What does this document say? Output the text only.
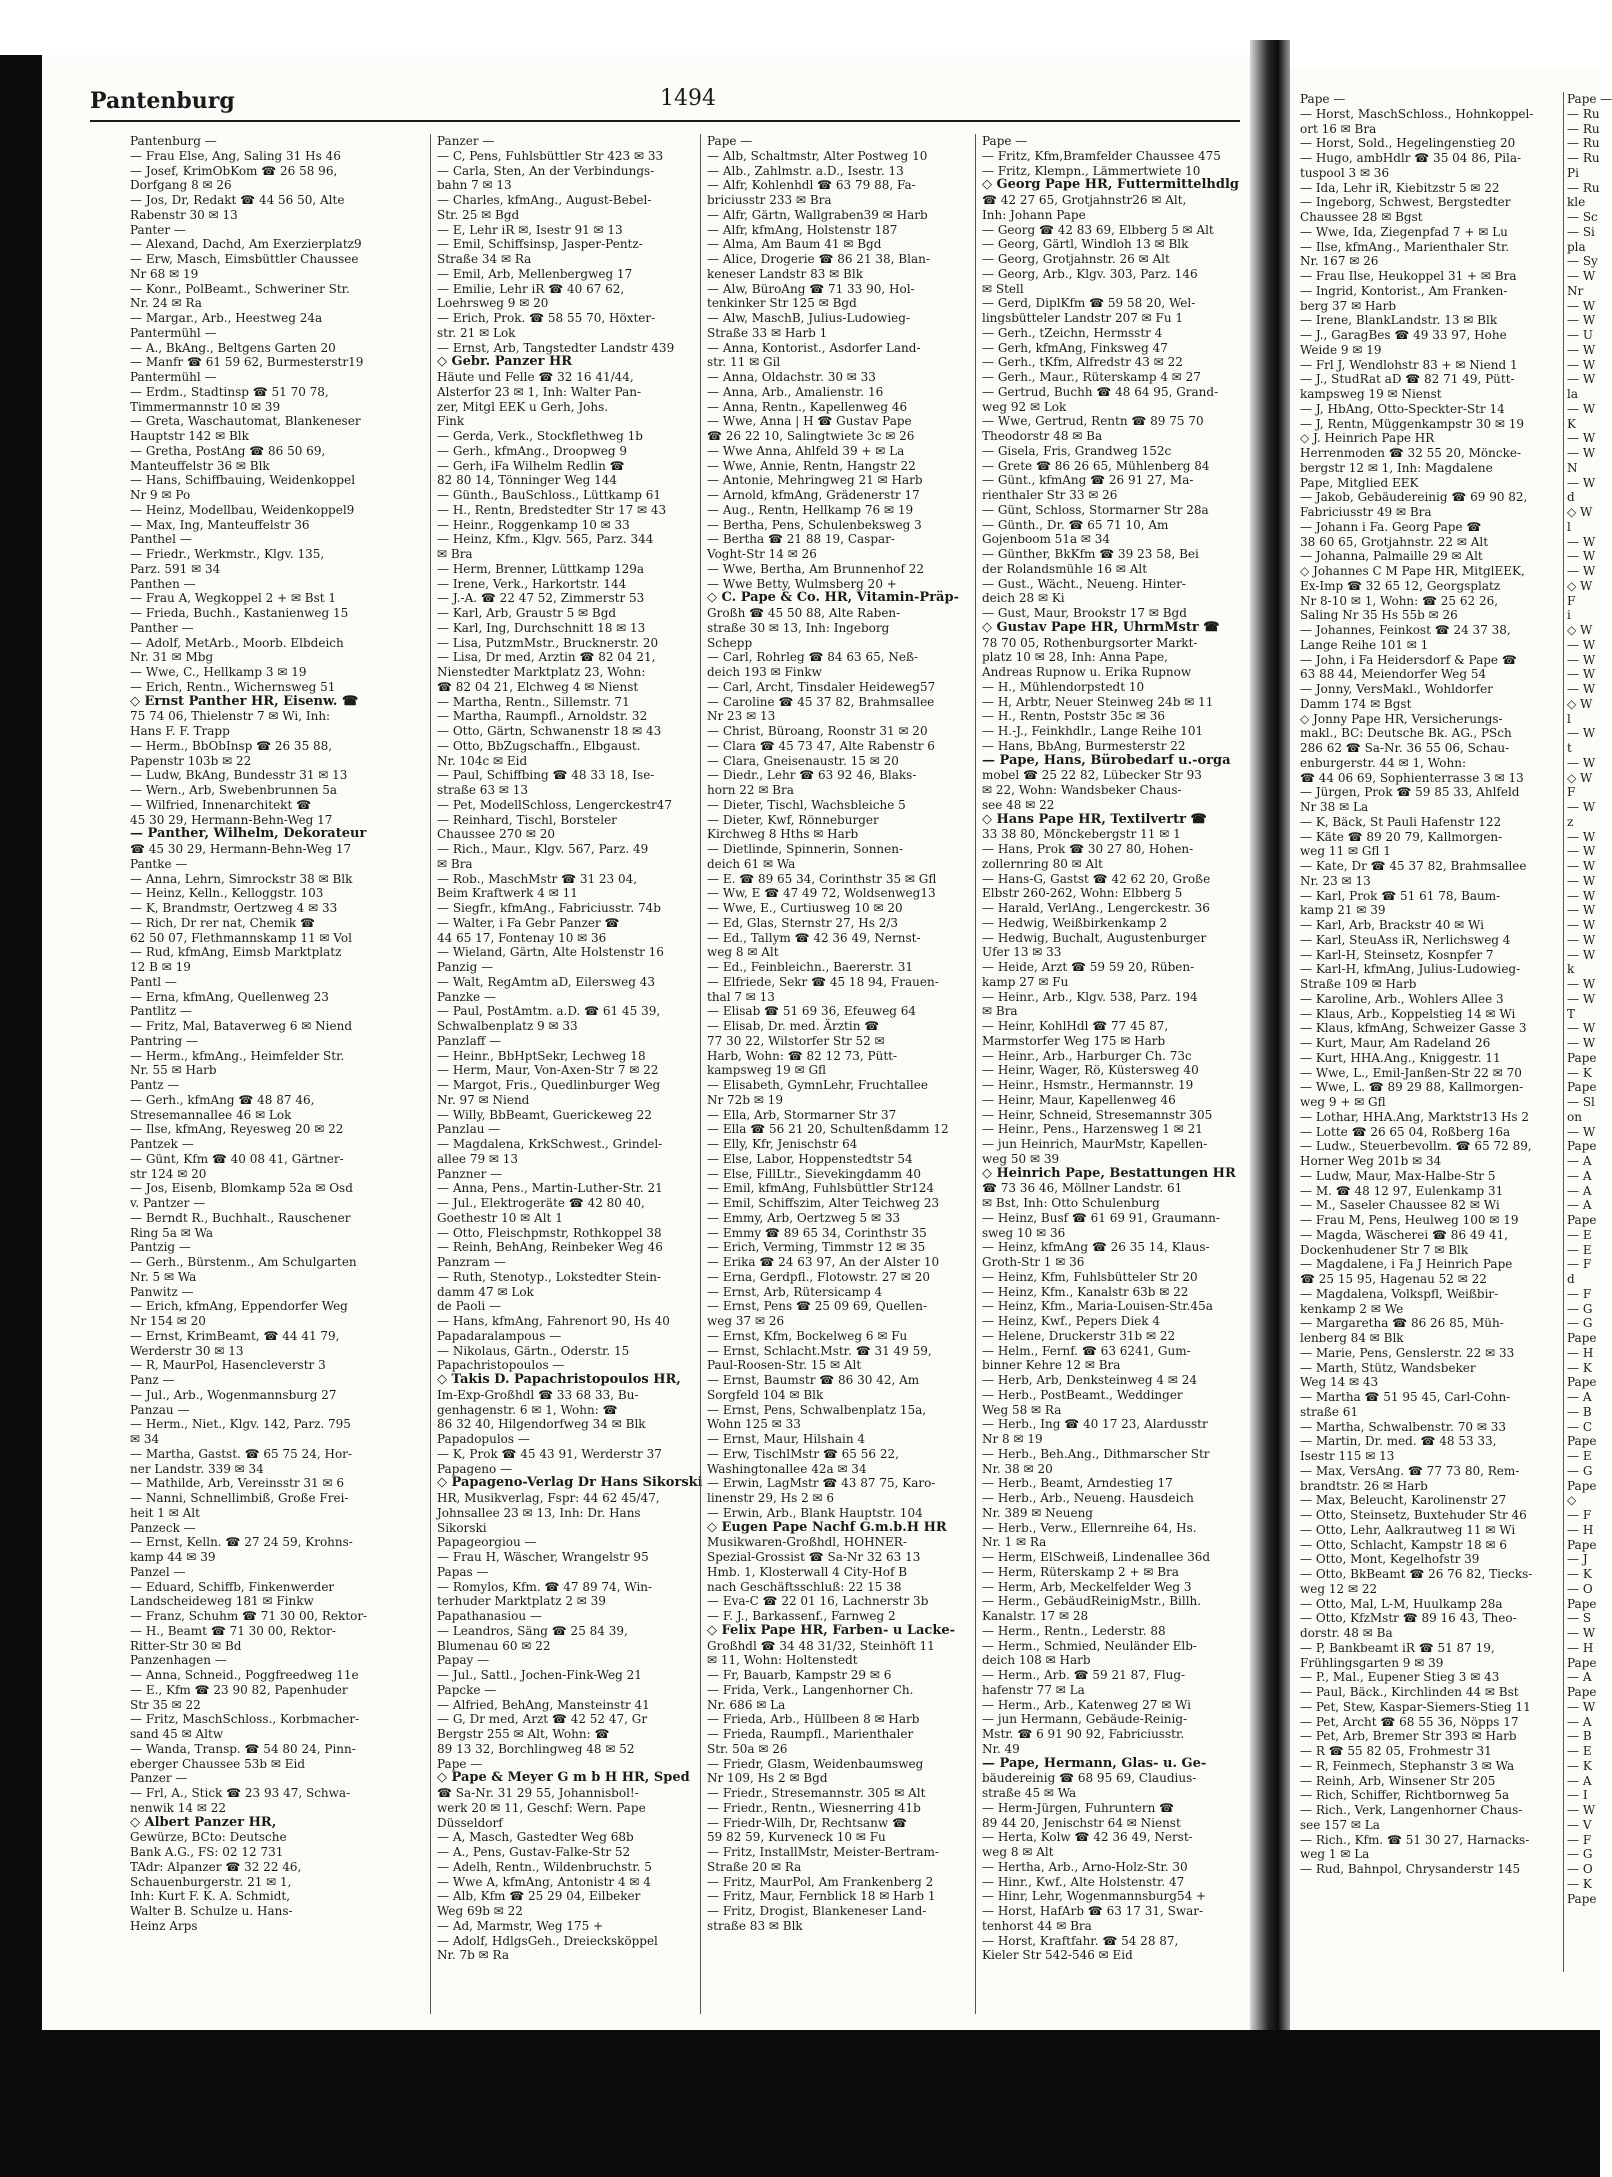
Pantenburg	1494
Pantenburg —
— Frau Else, Ang, Saling 31 Hs 46
— Josef, KrimObKom ☎ 26 58 96,
Dorfgang 8 ✉ 26
— Jos, Dr, Redakt ☎ 44 56 50, Alte
Rabenstr 30 ✉ 13
Panter —
— Alexand, Dachd, Am Exerzierplatz9
— Erw, Masch, Eimsbüttler Chaussee
Nr 68 ✉ 19
— Konr., PolBeamt., Schweriner Str.
Nr. 24 ✉ Ra
— Margar., Arb., Heestweg 24a
Pantermühl —
— A., BkAng., Beltgens Garten 20
— Manfr ☎ 61 59 62, Burmesterstr19
Pantermühl —
— Erdm., Stadtinsp ☎ 51 70 78,
Timmermannstr 10 ✉ 39
— Greta, Waschautomat, Blankeneser
Hauptstr 142 ✉ Blk
— Gretha, PostAng ☎ 86 50 69,
Manteuffelstr 36 ✉ Blk
— Hans, Schiffbauing, Weidenkoppel
Nr 9 ✉ Po
— Heinz, Modellbau, Weidenkoppel9
— Max, Ing, Manteuffelstr 36
Panthel —
— Friedr., Werkmstr., Klgv. 135,
Parz. 591 ✉ 34
Panthen —
— Frau A, Wegkoppel 2 + ✉ Bst 1
— Frieda, Buchh., Kastanienweg 15
Panther —
— Adolf, MetArb., Moorb. Elbdeich
Nr. 31 ✉ Mbg
— Wwe, C., Hellkamp 3 ✉ 19
— Erich, Rentn., Wichernsweg 51
◇ Ernst Panther HR, Eisenw. ☎
75 74 06, Thielenstr 7 ✉ Wi, Inh:
Hans F. F. Trapp
— Herm., BbObInsp ☎ 26 35 88,
Papenstr 103b ✉ 22
— Ludw, BkAng, Bundesstr 31 ✉ 13
— Wern., Arb, Swebenbrunnen 5a
— Wilfried, Innenarchitekt ☎
45 30 29, Hermann-Behn-Weg 17
— Panther, Wilhelm, Dekorateur
☎ 45 30 29, Hermann-Behn-Weg 17
Pantke —
— Anna, Lehrn, Simrockstr 38 ✉ Blk
— Heinz, Kelln., Kelloggstr. 103
— K, Brandmstr, Oertzweg 4 ✉ 33
— Rich, Dr rer nat, Chemik ☎
62 50 07, Flethmannskamp 11 ✉ Vol
— Rud, kfmAng, Eimsb Marktplatz
12 B ✉ 19
Pantl —
— Erna, kfmAng, Quellenweg 23
Pantlitz —
— Fritz, Mal, Bataverweg 6 ✉ Niend
Pantring —
— Herm., kfmAng., Heimfelder Str.
Nr. 55 ✉ Harb
Pantz —
— Gerh., kfmAng ☎ 48 87 46,
Stresemannallee 46 ✉ Lok
— Ilse, kfmAng, Reyesweg 20 ✉ 22
Pantzek —
— Günt, Kfm ☎ 40 08 41, Gärtner-
str 124 ✉ 20
— Jos, Eisenb, Blomkamp 52a ✉ Osd
v. Pantzer —
— Berndt R., Buchhalt., Rauschener
Ring 5a ✉ Wa
Pantzig —
— Gerh., Bürstenm., Am Schulgarten
Nr. 5 ✉ Wa
Panwitz —
— Erich, kfmAng, Eppendorfer Weg
Nr 154 ✉ 20
— Ernst, KrimBeamt, ☎ 44 41 79,
Werderstr 30 ✉ 13
— R, MaurPol, Hasencleverstr 3
Panz —
— Jul., Arb., Wogenmannsburg 27
Panzau —
— Herm., Niet., Klgv. 142, Parz. 795
✉ 34
— Martha, Gastst. ☎ 65 75 24, Hor-
ner Landstr. 339 ✉ 34
— Mathilde, Arb, Vereinsstr 31 ✉ 6
— Nanni, Schnellimbiß, Große Frei-
heit 1 ✉ Alt
Panzeck —
— Ernst, Kelln. ☎ 27 24 59, Krohns-
kamp 44 ✉ 39
Panzel —
— Eduard, Schiffb, Finkenwerder
Landscheideweg 181 ✉ Finkw
— Franz, Schuhm ☎ 71 30 00, Rektor-
— H., Beamt ☎ 71 30 00, Rektor-
Ritter-Str 30 ✉ Bd
Panzenhagen —
— Anna, Schneid., Poggfreedweg 11e
— E., Kfm ☎ 23 90 82, Papenhuder
Str 35 ✉ 22
— Fritz, MaschSchloss., Korbmacher-
sand 45 ✉ Altw
— Wanda, Transp. ☎ 54 80 24, Pinn-
eberger Chaussee 53b ✉ Eid
Panzer —
— Frl, A., Stick ☎ 23 93 47, Schwa-
nenwik 14 ✉ 22
◇ Albert Panzer HR,
Gewürze, BCto: Deutsche
Bank A.G., FS: 02 12 731
TAdr: Alpanzer ☎ 32 22 46,
Schauenburgerstr. 21 ✉ 1,
Inh: Kurt F. K. A. Schmidt,
Walter B. Schulze u. Hans-
Heinz Arps
Panzer —
— C, Pens, Fuhlsbüttler Str 423 ✉ 33
— Carla, Sten, An der Verbindungs-
bahn 7 ✉ 13
— Charles, kfmAng., August-Bebel-
Str. 25 ✉ Bgd
— E, Lehr iR ✉, Isestr 91 ✉ 13
— Emil, Schiffsinsp, Jasper-Pentz-
Straße 34 ✉ Ra
— Emil, Arb, Mellenbergweg 17
— Emilie, Lehr iR ☎ 40 67 62,
Loehrsweg 9 ✉ 20
— Erich, Prok. ☎ 58 55 70, Höxter-
str. 21 ✉ Lok
— Ernst, Arb, Tangstedter Landstr 439
◇ Gebr. Panzer HR
Häute und Felle ☎ 32 16 41/44,
Alsterfor 23 ✉ 1, Inh: Walter Pan-
zer, Mitgl EEK u Gerh, Johs.
Fink
— Gerda, Verk., Stockflethweg 1b
— Gerh., kfmAng., Droopweg 9
— Gerh, iFa Wilhelm Redlin ☎
82 80 14, Tönninger Weg 144
— Günth., BauSchloss., Lüttkamp 61
— H., Rentn, Bredstedter Str 17 ✉ 43
— Heinr., Roggenkamp 10 ✉ 33
— Heinz, Kfm., Klgv. 565, Parz. 344
✉ Bra
— Herm, Brenner, Lüttkamp 129a
— Irene, Verk., Harkortstr. 144
— J.-A. ☎ 22 47 52, Zimmerstr 53
— Karl, Arb, Graustr 5 ✉ Bgd
— Karl, Ing, Durchschnitt 18 ✉ 13
— Lisa, PutzmMstr., Brucknerstr. 20
— Lisa, Dr med, Arztin ☎ 82 04 21,
Nienstedter Marktplatz 23, Wohn:
☎ 82 04 21, Elchweg 4 ✉ Nienst
— Martha, Rentn., Sillemstr. 71
— Martha, Raumpfl., Arnoldstr. 32
— Otto, Gärtn, Schwanenstr 18 ✉ 43
— Otto, BbZugschaffn., Elbgaust.
Nr. 104c ✉ Eid
— Paul, Schiffbing ☎ 48 33 18, Ise-
straße 63 ✉ 13
— Pet, ModellSchloss, Lengerckestr47
— Reinhard, Tischl, Borsteler
Chaussee 270 ✉ 20
— Rich., Maur., Klgv. 567, Parz. 49
✉ Bra
— Rob., MaschMstr ☎ 31 23 04,
Beim Kraftwerk 4 ✉ 11
— Siegfr., kfmAng., Fabriciusstr. 74b
— Walter, i Fa Gebr Panzer ☎
44 65 17, Fontenay 10 ✉ 36
— Wieland, Gärtn, Alte Holstenstr 16
Panzig —
— Walt, RegAmtm aD, Eilersweg 43
Panzke —
— Paul, PostAmtm. a.D. ☎ 61 45 39,
Schwalbenplatz 9 ✉ 33
Panzlaff —
— Heinr., BbHptSekr, Lechweg 18
— Herm, Maur, Von-Axen-Str 7 ✉ 22
— Margot, Fris., Quedlinburger Weg
Nr. 97 ✉ Niend
— Willy, BbBeamt, Guerickeweg 22
Panzlau —
— Magdalena, KrkSchwest., Grindel-
allee 79 ✉ 13
Panzner —
— Anna, Pens., Martin-Luther-Str. 21
— Jul., Elektrogeräte ☎ 42 80 40,
Goethestr 10 ✉ Alt 1
— Otto, Fleischpmstr, Rothkoppel 38
— Reinh, BehAng, Reinbeker Weg 46
Panzram —
— Ruth, Stenotyp., Lokstedter Stein-
damm 47 ✉ Lok
de Paoli —
— Hans, kfmAng, Fahrenort 90, Hs 40
Papadaralampous —
— Nikolaus, Gärtn., Oderstr. 15
Papachristopoulos —
◇ Takis D. Papachristopoulos HR,
Im-Exp-Großhdl ☎ 33 68 33, Bu-
genhagenstr. 6 ✉ 1, Wohn: ☎
86 32 40, Hilgendorfweg 34 ✉ Blk
Papadopulos —
— K, Prok ☎ 45 43 91, Werderstr 37
Papageno —
◇ Papageno-Verlag Dr Hans Sikorski
HR, Musikverlag, Fspr: 44 62 45/47,
Johnsallee 23 ✉ 13, Inh: Dr. Hans
Sikorski
Papageorgiou —
— Frau H, Wäscher, Wrangelstr 95
Papas —
— Romylos, Kfm. ☎ 47 89 74, Win-
terhuder Marktplatz 2 ✉ 39
Papathanasiou —
— Leandros, Säng ☎ 25 84 39,
Blumenau 60 ✉ 22
Papay —
— Jul., Sattl., Jochen-Fink-Weg 21
Papcke —
— Alfried, BehAng, Mansteinstr 41
— G, Dr med, Arzt ☎ 42 52 47, Gr
Bergstr 255 ✉ Alt, Wohn: ☎
89 13 32, Borchlingweg 48 ✉ 52
Pape —
◇ Pape & Meyer G m b H HR, Sped
☎ Sa-Nr. 31 29 55, Johannisbol!-
werk 20 ✉ 11, Geschf: Wern. Pape
Düsseldorf
— A, Masch, Gastedter Weg 68b
— A., Pens, Gustav-Falke-Str 52
— Adelh, Rentn., Wildenbruchstr. 5
— Wwe A, kfmAng, Antonistr 4 ✉ 4
— Alb, Kfm ☎ 25 29 04, Eilbeker
Weg 69b ✉ 22
— Ad, Marmstr, Weg 175 +
— Adolf, HdlgsGeh., Dreiecksköppel
Nr. 7b ✉ Ra
Pape —
— Alb, Schaltmstr, Alter Postweg 10
— Alb., Zahlmstr. a.D., Isestr. 13
— Alfr, Kohlenhdl ☎ 63 79 88, Fa-
briciusstr 233 ✉ Bra
— Alfr, Gärtn, Wallgraben39 ✉ Harb
— Alfr, kfmAng, Holstenstr 187
— Alma, Am Baum 41 ✉ Bgd
— Alice, Drogerie ☎ 86 21 38, Blan-
keneser Landstr 83 ✉ Blk
— Alw, BüroAng ☎ 71 33 90, Hol-
tenkinker Str 125 ✉ Bgd
— Alw, MaschB, Julius-Ludowieg-
Straße 33 ✉ Harb 1
— Anna, Kontorist., Asdorfer Land-
str. 11 ✉ Gil
— Anna, Oldachstr. 30 ✉ 33
— Anna, Arb., Amalienstr. 16
— Anna, Rentn., Kapellenweg 46
— Wwe, Anna | H ☎ Gustav Pape
☎ 26 22 10, Salingtwiete 3c ✉ 26
— Wwe Anna, Ahlfeld 39 + ✉ La
— Wwe, Annie, Rentn, Hangstr 22
— Antonie, Mehringweg 21 ✉ Harb
— Arnold, kfmAng, Grädenerstr 17
— Aug., Rentn, Hellkamp 76 ✉ 19
— Bertha, Pens, Schulenbeksweg 3
— Bertha ☎ 21 88 19, Caspar-
Voght-Str 14 ✉ 26
— Wwe, Bertha, Am Brunnenhof 22
— Wwe Betty, Wulmsberg 20 +
◇ C. Pape & Co. HR, Vitamin-Präp-
Großh ☎ 45 50 88, Alte Raben-
straße 30 ✉ 13, Inh: Ingeborg
Schepp
— Carl, Rohrleg ☎ 84 63 65, Neß-
deich 193 ✉ Finkw
— Carl, Archt, Tinsdaler Heideweg57
— Caroline ☎ 45 37 82, Brahmsallee
Nr 23 ✉ 13
— Christ, Büroang, Roonstr 31 ✉ 20
— Clara ☎ 45 73 47, Alte Rabenstr 6
— Clara, Gneisenaustr. 15 ✉ 20
— Diedr., Lehr ☎ 63 92 46, Blaks-
horn 22 ✉ Bra
— Dieter, Tischl, Wachsbleiche 5
— Dieter, Kwf, Rönneburger
Kirchweg 8 Hths ✉ Harb
— Dietlinde, Spinnerin, Sonnen-
deich 61 ✉ Wa
— E. ☎ 89 65 34, Corinthstr 35 ✉ Gfl
— Ww, E ☎ 47 49 72, Woldsenweg13
— Wwe, E., Curtiusweg 10 ✉ 20
— Ed, Glas, Sternstr 27, Hs 2/3
— Ed., Tallym ☎ 42 36 49, Nernst-
weg 8 ✉ Alt
— Ed., Feinbleichn., Baererstr. 31
— Elfriede, Sekr ☎ 45 18 94, Frauen-
thal 7 ✉ 13
— Elisab ☎ 51 69 36, Efeuweg 64
— Elisab, Dr. med. Ärztin ☎
77 30 22, Wilstorfer Str 52 ✉
Harb, Wohn: ☎ 82 12 73, Pütt-
kampsweg 19 ✉ Gfl
— Elisabeth, GymnLehr, Fruchtallee
Nr 72b ✉ 19
— Ella, Arb, Stormarner Str 37
— Ella ☎ 56 21 20, Schultenßdamm 12
— Elly, Kfr, Jenischstr 64
— Else, Labor, Hoppenstedtstr 54
— Else, FillLtr., Sievekingdamm 40
— Emil, kfmAng, Fuhlsbüttler Str124
— Emil, Schiffszim, Alter Teichweg 23
— Emmy, Arb, Oertzweg 5 ✉ 33
— Emmy ☎ 89 65 34, Corinthstr 35
— Erich, Verming, Timmstr 12 ✉ 35
— Erika ☎ 24 63 97, An der Alster 10
— Erna, Gerdpfl., Flotowstr. 27 ✉ 20
— Ernst, Arb, Rütersicamp 4
— Ernst, Pens ☎ 25 09 69, Quellen-
weg 37 ✉ 26
— Ernst, Kfm, Bockelweg 6 ✉ Fu
— Ernst, Schlacht.Mstr. ☎ 31 49 59,
Paul-Roosen-Str. 15 ✉ Alt
— Ernst, Baumstr ☎ 86 30 42, Am
Sorgfeld 104 ✉ Blk
— Ernst, Pens, Schwalbenplatz 15a,
Wohn 125 ✉ 33
— Ernst, Maur, Hilshain 4
— Erw, TischlMstr ☎ 65 56 22,
Washingtonallee 42a ✉ 34
— Erwin, LagMstr ☎ 43 87 75, Karo-
linenstr 29, Hs 2 ✉ 6
— Erwin, Arb., Blank Hauptstr. 104
◇ Eugen Pape Nachf G.m.b.H HR
Musikwaren-Großhdl, HOHNER-
Spezial-Grossist ☎ Sa-Nr 32 63 13
Hmb. 1, Klosterwall 4 City-Hof B
nach Geschäftsschluß: 22 15 38
— Eva-C ☎ 22 01 16, Lachnerstr 3b
— F. J., Barkassenf., Farnweg 2
◇ Felix Pape HR, Farben- u Lacke-
Großhdl ☎ 34 48 31/32, Steinhöft 11
✉ 11, Wohn: Holtenstedt
— Fr, Bauarb, Kampstr 29 ✉ 6
— Frida, Verk., Langenhorner Ch.
Nr. 686 ✉ La
— Frieda, Arb., Hüllbeen 8 ✉ Harb
— Frieda, Raumpfl., Marienthaler
Str. 50a ✉ 26
— Friedr, Glasm, Weidenbaumsweg
Nr 109, Hs 2 ✉ Bgd
— Friedr., Stresemannstr. 305 ✉ Alt
— Friedr., Rentn., Wiesnerring 41b
— Friedr-Wilh, Dr, Rechtsanw ☎
59 82 59, Kurveneck 10 ✉ Fu
— Fritz, InstallMstr, Meister-Bertram-
Straße 20 ✉ Ra
— Fritz, MaurPol, Am Frankenberg 2
— Fritz, Maur, Fernblick 18 ✉ Harb 1
— Fritz, Drogist, Blankeneser Land-
straße 83 ✉ Blk
Pape —
— Fritz, Kfm,Bramfelder Chaussee 475
— Fritz, Klempn., Lämmertwiete 10
◇ Georg Pape HR, Futtermittelhdlg
☎ 42 27 65, Grotjahnstr26 ✉ Alt,
Inh: Johann Pape
— Georg ☎ 42 83 69, Elbberg 5 ✉ Alt
— Georg, Gärtl, Windloh 13 ✉ Blk
— Georg, Grotjahnstr. 26 ✉ Alt
— Georg, Arb., Klgv. 303, Parz. 146
✉ Stell
— Gerd, DiplKfm ☎ 59 58 20, Wel-
lingsbütteler Landstr 207 ✉ Fu 1
— Gerh., tZeichn, Hermsstr 4
— Gerh, kfmAng, Finksweg 47
— Gerh., tKfm, Alfredstr 43 ✉ 22
— Gerh., Maur., Rüterskamp 4 ✉ 27
— Gertrud, Buchh ☎ 48 64 95, Grand-
weg 92 ✉ Lok
— Wwe, Gertrud, Rentn ☎ 89 75 70
Theodorstr 48 ✉ Ba
— Gisela, Fris, Grandweg 152c
— Grete ☎ 86 26 65, Mühlenberg 84
— Günt., kfmAng ☎ 26 91 27, Ma-
rienthaler Str 33 ✉ 26
— Günt, Schloss, Stormarner Str 28a
— Günth., Dr. ☎ 65 71 10, Am
Gojenboom 51a ✉ 34
— Günther, BkKfm ☎ 39 23 58, Bei
der Rolandsmühle 16 ✉ Alt
— Gust., Wächt., Neueng. Hinter-
deich 28 ✉ Ki
— Gust, Maur, Brookstr 17 ✉ Bgd
◇ Gustav Pape HR, UhrmMstr ☎
78 70 05, Rothenburgsorter Markt-
platz 10 ✉ 28, Inh: Anna Pape,
Andreas Rupnow u. Erika Rupnow
— H., Mühlendorpstedt 10
— H, Arbtr, Neuer Steinweg 24b ✉ 11
— H., Rentn, Poststr 35c ✉ 36
— H.-J., Feinkhdlr., Lange Reihe 101
— Hans, BbAng, Burmesterstr 22
— Pape, Hans, Bürobedarf u.-orga
mobel ☎ 25 22 82, Lübecker Str 93
✉ 22, Wohn: Wandsbeker Chaus-
see 48 ✉ 22
◇ Hans Pape HR, Textilvertr ☎
33 38 80, Mönckebergstr 11 ✉ 1
— Hans, Prok ☎ 30 27 80, Hohen-
zollernring 80 ✉ Alt
— Hans-G, Gastst ☎ 42 62 20, Große
Elbstr 260-262, Wohn: Elbberg 5
— Harald, VerlAng., Lengerckestr. 36
— Hedwig, Weißbirkenkamp 2
— Hedwig, Buchalt, Augustenburger
Ufer 13 ✉ 33
— Heide, Arzt ☎ 59 59 20, Rüben-
kamp 27 ✉ Fu
— Heinr., Arb., Klgv. 538, Parz. 194
✉ Bra
— Heinr, KohlHdl ☎ 77 45 87,
Marmstorfer Weg 175 ✉ Harb
— Heinr., Arb., Harburger Ch. 73c
— Heinr, Wager, Rö, Küstersweg 40
— Heinr., Hsmstr., Hermannstr. 19
— Heinr, Maur, Kapellenweg 46
— Heinr, Schneid, Stresemannstr 305
— Heinr., Pens., Harzensweg 1 ✉ 21
— jun Heinrich, MaurMstr, Kapellen-
weg 50 ✉ 39
◇ Heinrich Pape, Bestattungen HR
☎ 73 36 46, Möllner Landstr. 61
✉ Bst, Inh: Otto Schulenburg
— Heinz, Busf ☎ 61 69 91, Graumann-
sweg 10 ✉ 36
— Heinz, kfmAng ☎ 26 35 14, Klaus-
Groth-Str 1 ✉ 36
— Heinz, Kfm, Fuhlsbütteler Str 20
— Heinz, Kfm., Kanalstr 63b ✉ 22
— Heinz, Kfm., Maria-Louisen-Str.45a
— Heinz, Kwf., Pepers Diek 4
— Helene, Druckerstr 31b ✉ 22
— Helm., Fernf. ☎ 63 6241, Gum-
binner Kehre 12 ✉ Bra
— Herb, Arb, Denksteinweg 4 ✉ 24
— Herb., PostBeamt., Weddinger
Weg 58 ✉ Ra
— Herb., Ing ☎ 40 17 23, Alardusstr
Nr 8 ✉ 19
— Herb., Beh.Ang., Dithmarscher Str
Nr. 38 ✉ 20
— Herb., Beamt, Arndestieg 17
— Herb., Arb., Neueng. Hausdeich
Nr. 389 ✉ Neueng
— Herb., Verw., Ellernreihe 64, Hs.
Nr. 1 ✉ Ra
— Herm, ElSchweiß, Lindenallee 36d
— Herm, Rüterskamp 2 + ✉ Bra
— Herm, Arb, Meckelfelder Weg 3
— Herm., GebäudReinigMstr., Billh.
Kanalstr. 17 ✉ 28
— Herm., Rentn., Lederstr. 88
— Herm., Schmied, Neuländer Elb-
deich 108 ✉ Harb
— Herm., Arb. ☎ 59 21 87, Flug-
hafenstr 77 ✉ La
— Herm., Arb., Katenweg 27 ✉ Wi
— jun Hermann, Gebäude-Reinig-
Mstr. ☎ 6 91 90 92, Fabriciusstr.
Nr. 49
— Pape, Hermann, Glas- u. Ge-
bäudereinig ☎ 68 95 69, Claudius-
straße 45 ✉ Wa
— Herm-Jürgen, Fuhruntern ☎
89 44 20, Jenischstr 64 ✉ Nienst
— Herta, Kolw ☎ 42 36 49, Nerst-
weg 8 ✉ Alt
— Hertha, Arb., Arno-Holz-Str. 30
— Hinr., Kwf., Alte Holstenstr. 47
— Hinr, Lehr, Wogenmannsburg54 +
— Horst, HafArb ☎ 63 17 31, Swar-
tenhorst 44 ✉ Bra
— Horst, Kraftfahr. ☎ 54 28 87,
Kieler Str 542-546 ✉ Eid
Pape —
— Horst, MaschSchloss., Hohnkoppel-
ort 16 ✉ Bra
— Horst, Sold., Hegelingenstieg 20
— Hugo, ambHdlr ☎ 35 04 86, Pila-
tuspool 3 ✉ 36
— Ida, Lehr iR, Kiebitzstr 5 ✉ 22
— Ingeborg, Schwest, Bergstedter
Chaussee 28 ✉ Bgst
— Wwe, Ida, Ziegenpfad 7 + ✉ Lu
— Ilse, kfmAng., Marienthaler Str.
Nr. 167 ✉ 26
— Frau Ilse, Heukoppel 31 + ✉ Bra
— Ingrid, Kontorist., Am Franken-
berg 37 ✉ Harb
— Irene, BlankLandstr. 13 ✉ Blk
— J., GaragBes ☎ 49 33 97, Hohe
Weide 9 ✉ 19
— Frl J, Wendlohstr 83 + ✉ Niend 1
— J., StudRat aD ☎ 82 71 49, Pütt-
kampsweg 19 ✉ Nienst
— J, HbAng, Otto-Speckter-Str 14
— J, Rentn, Müggenkampstr 30 ✉ 19
◇ J. Heinrich Pape HR
Herrenmoden ☎ 32 55 20, Möncke-
bergstr 12 ✉ 1, Inh: Magdalene
Pape, Mitglied EEK
— Jakob, Gebäudereinig ☎ 69 90 82,
Fabriciusstr 49 ✉ Bra
— Johann i Fa. Georg Pape ☎
38 60 65, Grotjahnstr. 22 ✉ Alt
— Johanna, Palmaille 29 ✉ Alt
◇ Johannes C M Pape HR, MitglEEK,
Ex-Imp ☎ 32 65 12, Georgsplatz
Nr 8-10 ✉ 1, Wohn: ☎ 25 62 26,
Saling Nr 35 Hs 55b ✉ 26
— Johannes, Feinkost ☎ 24 37 38,
Lange Reihe 101 ✉ 1
— John, i Fa Heidersdorf & Pape ☎
63 88 44, Meiendorfer Weg 54
— Jonny, VersMakl., Wohldorfer
Damm 174 ✉ Bgst
◇ Jonny Pape HR, Versicherungs-
makl., BC: Deutsche Bk. AG., PSch
286 62 ☎ Sa-Nr. 36 55 06, Schau-
enburgerstr. 44 ✉ 1, Wohn:
☎ 44 06 69, Sophienterrasse 3 ✉ 13
— Jürgen, Prok ☎ 59 85 33, Ahlfeld
Nr 38 ✉ La
— K, Bäck, St Pauli Hafenstr 122
— Käte ☎ 89 20 79, Kallmorgen-
weg 11 ✉ Gfl 1
— Kate, Dr ☎ 45 37 82, Brahmsallee
Nr. 23 ✉ 13
— Karl, Prok ☎ 51 61 78, Baum-
kamp 21 ✉ 39
— Karl, Arb, Brackstr 40 ✉ Wi
— Karl, SteuAss iR, Nerlichsweg 4
— Karl-H, Steinsetz, Kosnpfer 7
— Karl-H, kfmAng, Julius-Ludowieg-
Straße 109 ✉ Harb
— Karoline, Arb., Wohlers Allee 3
— Klaus, Arb., Koppelstieg 14 ✉ Wi
— Klaus, kfmAng, Schweizer Gasse 3
— Kurt, Maur, Am Radeland 26
— Kurt, HHA.Ang., Kniggestr. 11
— Wwe, L., Emil-Janßen-Str 22 ✉ 70
— Wwe, L. ☎ 89 29 88, Kallmorgen-
weg 9 + ✉ Gfl
— Lothar, HHA.Ang, Marktstr13 Hs 2
— Lotte ☎ 26 65 04, Roßberg 16a
— Ludw., Steuerbevollm. ☎ 65 72 89,
Horner Weg 201b ✉ 34
— Ludw, Maur, Max-Halbe-Str 5
— M. ☎ 48 12 97, Eulenkamp 31
— M., Saseler Chaussee 82 ✉ Wi
— Frau M, Pens, Heulweg 100 ✉ 19
— Magda, Wäscherei ☎ 86 49 41,
Dockenhudener Str 7 ✉ Blk
— Magdalene, i Fa J Heinrich Pape
☎ 25 15 95, Hagenau 52 ✉ 22
— Magdalena, Volkspfl, Weißbir-
kenkamp 2 ✉ We
— Margaretha ☎ 86 26 85, Müh-
lenberg 84 ✉ Blk
— Marie, Pens, Genslerstr. 22 ✉ 33
— Marth, Stütz, Wandsbeker
Weg 14 ✉ 43
— Martha ☎ 51 95 45, Carl-Cohn-
straße 61
— Martha, Schwalbenstr. 70 ✉ 33
— Martin, Dr. med. ☎ 48 53 33,
Isestr 115 ✉ 13
— Max, VersAng. ☎ 77 73 80, Rem-
brandtstr. 26 ✉ Harb
— Max, Beleucht, Karolinenstr 27
— Otto, Steinsetz, Buxtehuder Str 46
— Otto, Lehr, Aalkrautweg 11 ✉ Wi
— Otto, Schlacht, Kampstr 18 ✉ 6
— Otto, Mont, Kegelhofstr 39
— Otto, BkBeamt ☎ 26 76 82, Tiecks-
weg 12 ✉ 22
— Otto, Mal, L-M, Huulkamp 28a
— Otto, KfzMstr ☎ 89 16 43, Theo-
dorstr. 48 ✉ Ba
— P, Bankbeamt iR ☎ 51 87 19,
Frühlingsgarten 9 ✉ 39
— P., Mal., Eupener Stieg 3 ✉ 43
— Paul, Bäck., Kirchlinden 44 ✉ Bst
— Pet, Stew, Kaspar-Siemers-Stieg 11
— Pet, Archt ☎ 68 55 36, Nöpps 17
— Pet, Arb, Bremer Str 393 ✉ Harb
— R ☎ 55 82 05, Frohmestr 31
— R, Feinmech, Stephanstr 3 ✉ Wa
— Reinh, Arb, Winsener Str 205
— Rich, Schiffer, Richtbornweg 5a
— Rich., Verk, Langenhorner Chaus-
see 157 ✉ La
— Rich., Kfm. ☎ 51 30 27, Harnacks-
weg 1 ✉ La
— Rud, Bahnpol, Chrysanderstr 145
Pape —
— Ru
— Ru
— Ru
— Ru
Pi
— Ru
kle
— Sc
— Si
pla
— Sy
— W
Nr
— W
— W
— U
— W
— W
— W
la
— W
K
— W
— W
N
— W
d
◇ W
l
— W
— W
— W
◇ W
F
i
◇ W
— W
— W
— W
— W
◇ W
l
— W
t
— W
◇ W
F
— W
z
— W
— W
— W
— W
— W
— W
— W
— W
— W
k
— W
— W
T
— W
— W
Pape
— K
Pape
— Sl
on
— W
Pape
— A
— A
— A
— A
Pape
— E
— E
— F
d
— F
— G
— G
Pape
— H
— K
Pape
— A
— B
— C
Pape
— E
— G
Pape
◇
— F
— H
Pape
— J
— K
— O
Pape
— S
— W
— H
Pape
— A
Pape
— W
— A
— B
— E
— K
— A
— I
— W
— V
— F
— G
— O
— K
Pape
